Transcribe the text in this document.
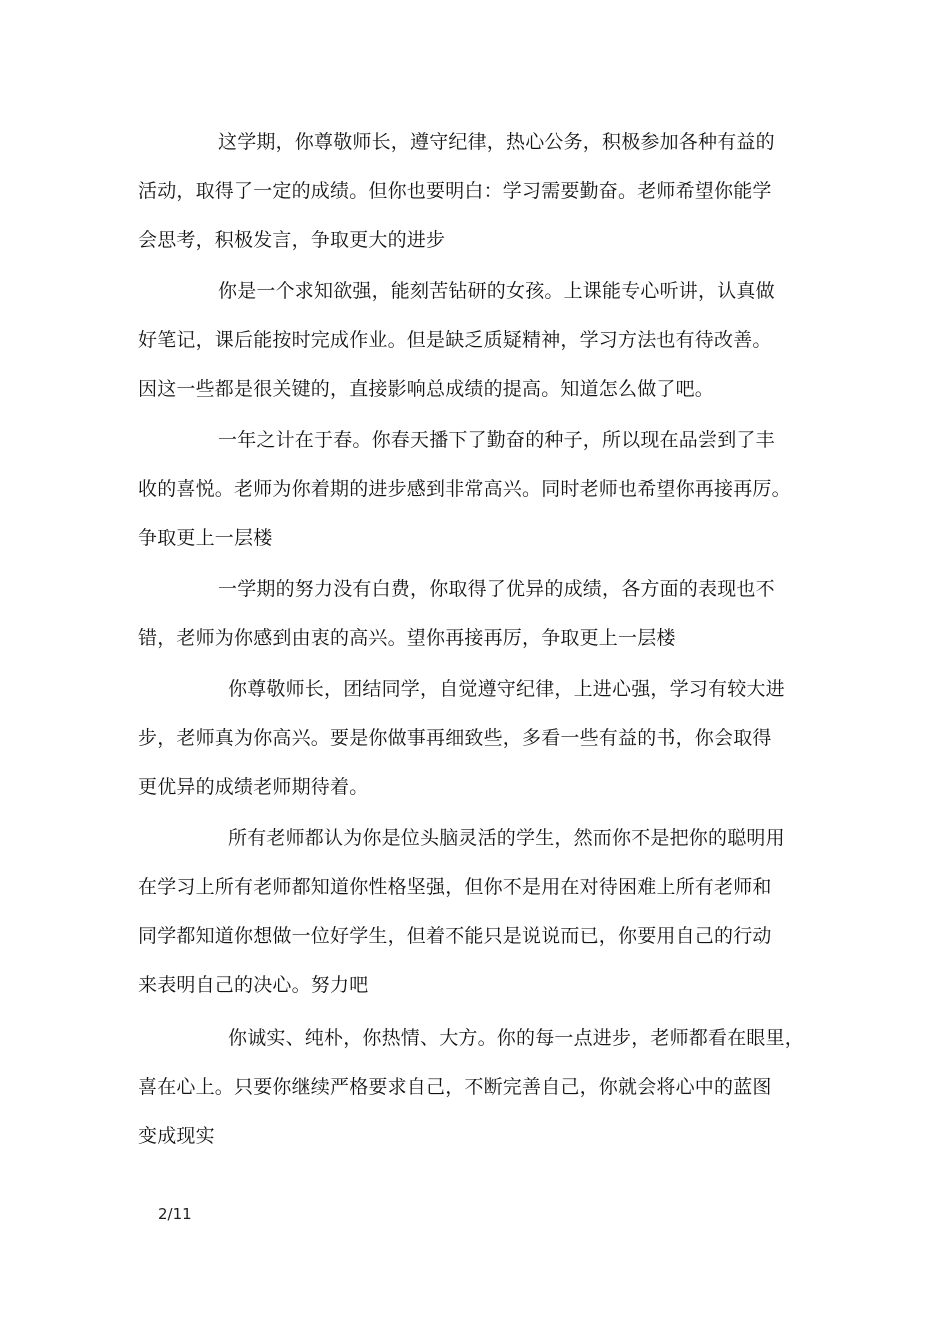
这学期，你尊敬师长，遵守纪律，热心公务，积极参加各种有益的
活动，取得了一定的成绩。但你也要明白：学习需要勤奋。老师希望你能学
会思考，积极发言，争取更大的进步
你是一个求知欲强，能刻苦钻研的女孩。上课能专心听讲，认真做
好笔记，课后能按时完成作业。但是缺乏质疑精神，学习方法也有待改善。
因这一些都是很关键的，直接影响总成绩的提高。知道怎么做了吧。
一年之计在于春。你春天播下了勤奋的种子，所以现在品尝到了丰
收的喜悦。老师为你着期的进步感到非常高兴。同时老师也希望你再接再厉。
争取更上一层楼
一学期的努力没有白费，你取得了优异的成绩，各方面的表现也不
错，老师为你感到由衷的高兴。望你再接再厉，争取更上一层楼
你尊敬师长，团结同学，自觉遵守纪律，上进心强，学习有较大进
步，老师真为你高兴。要是你做事再细致些，多看一些有益的书，你会取得
更优异的成绩老师期待着。
所有老师都认为你是位头脑灵活的学生，然而你不是把你的聪明用
在学习上所有老师都知道你性格坚强，但你不是用在对待困难上所有老师和
同学都知道你想做一位好学生，但着不能只是说说而已，你要用自己的行动
来表明自己的决心。努力吧
你诚实、纯朴，你热情、大方。你的每一点进步，老师都看在眼里，
喜在心上。只要你继续严格要求自己，不断完善自己，你就会将心中的蓝图
变成现实
2/11
